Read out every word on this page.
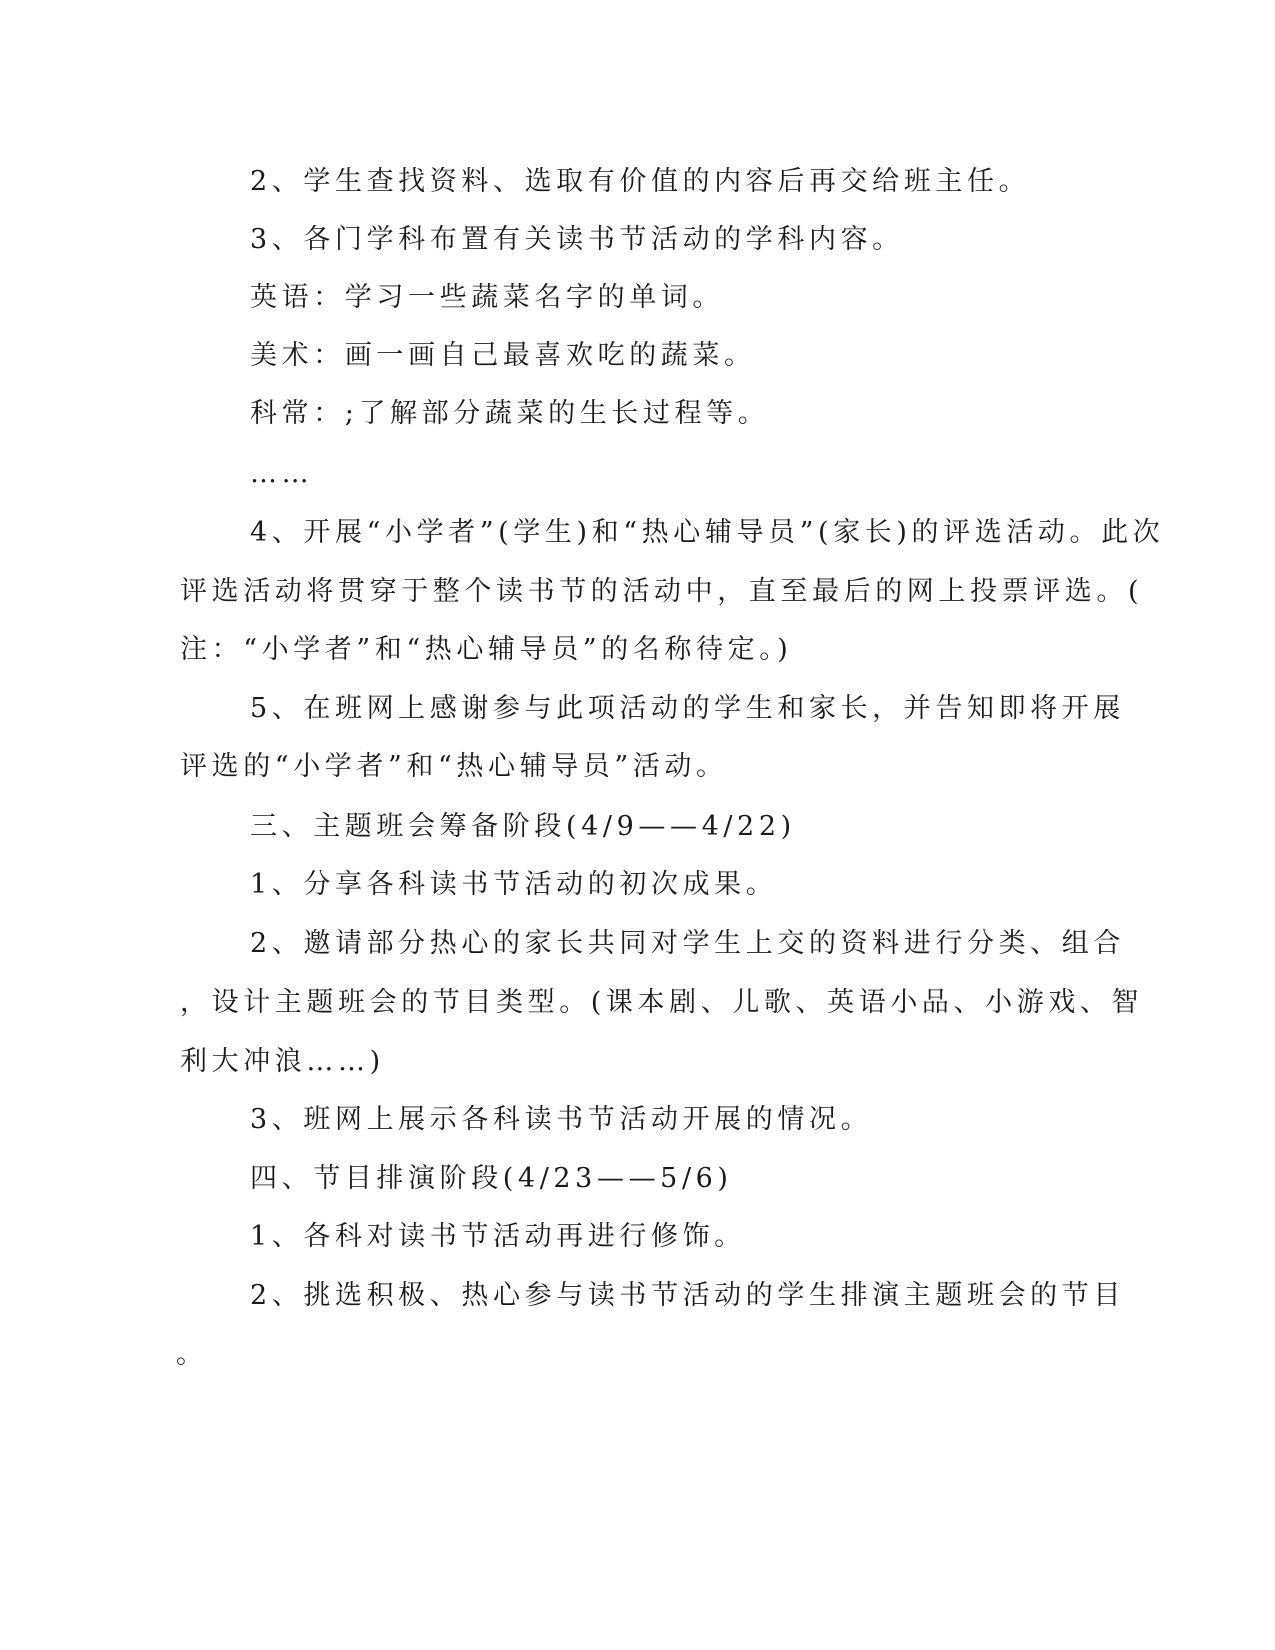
2、学生查找资料、选取有价值的内容后再交给班主任。

3、各门学科布置有关读书节活动的学科内容。

英语：学习一些蔬菜名字的单词。

美术：画一画自己最喜欢吃的蔬菜。

科常：;了解部分蔬菜的生长过程等。

……

4、开展“小学者”(学生)和“热心辅导员”(家长)的评选活动。此次

评选活动将贯穿于整个读书节的活动中，直至最后的网上投票评选。(

注：“小学者”和“热心辅导员”的名称待定。)

5、在班网上感谢参与此项活动的学生和家长，并告知即将开展

评选的“小学者”和“热心辅导员”活动。

三、主题班会筹备阶段(4/9——4/22)

1、分享各科读书节活动的初次成果。

2、邀请部分热心的家长共同对学生上交的资料进行分类、组合

，设计主题班会的节目类型。(课本剧、儿歌、英语小品、小游戏、智

利大冲浪……)

3、班网上展示各科读书节活动开展的情况。

四、节目排演阶段(4/23——5/6)

1、各科对读书节活动再进行修饰。

2、挑选积极、热心参与读书节活动的学生排演主题班会的节目

。
